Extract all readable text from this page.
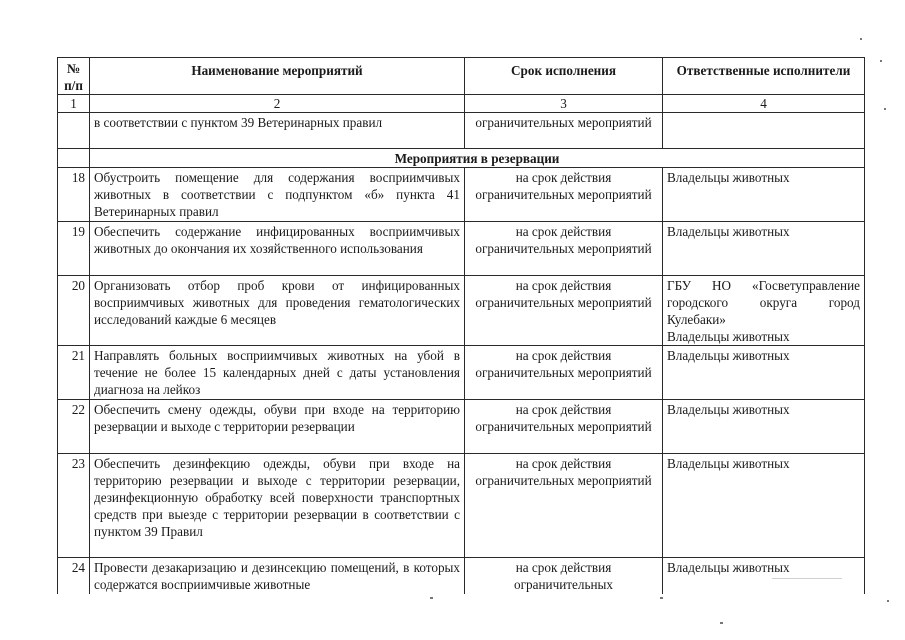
№ п/п	Наименование мероприятий	Срок исполнения	Ответственные исполнители
1	2	3	4
	в соответствии с пунктом 39 Ветеринарных правил	ограничительных мероприятий	
	Мероприятия в резервации		
18	Обустроить помещение для содержания восприимчивых животных в соответствии с подпунктом «б» пункта 41 Ветеринарных правил	на срок действия ограничительных мероприятий	Владельцы животных
19	Обеспечить содержание инфицированных восприимчивых животных до окончания их хозяйственного использования	на срок действия ограничительных мероприятий	Владельцы животных
20	Организовать отбор проб крови от инфицированных восприимчивых животных для проведения гематологических исследований каждые 6 месяцев	на срок действия ограничительных мероприятий	ГБУ НО «Госветуправление городского округа город Кулебаки»
Владельцы животных

21	Направлять больных восприимчивых животных на убой в течение не более 15 календарных дней с даты установления диагноза на лейкоз	на срок действия ограничительных мероприятий	Владельцы животных
22	Обеспечить смену одежды, обуви при входе на территорию резервации и выходе с территории резервации	на срок действия ограничительных мероприятий	Владельцы животных
23	Обеспечить дезинфекцию одежды, обуви при входе на территорию резервации и выходе с территории резервации, дезинфекционную обработку всей поверхности транспортных средств при выезде с территории резервации в соответствии с пунктом 39 Правил	на срок действия ограничительных мероприятий	Владельцы животных
24	Провести дезакаризацию и дезинсекцию помещений, в которых содержатся восприимчивые животные	на срок действия ограничительных	Владельцы животных
